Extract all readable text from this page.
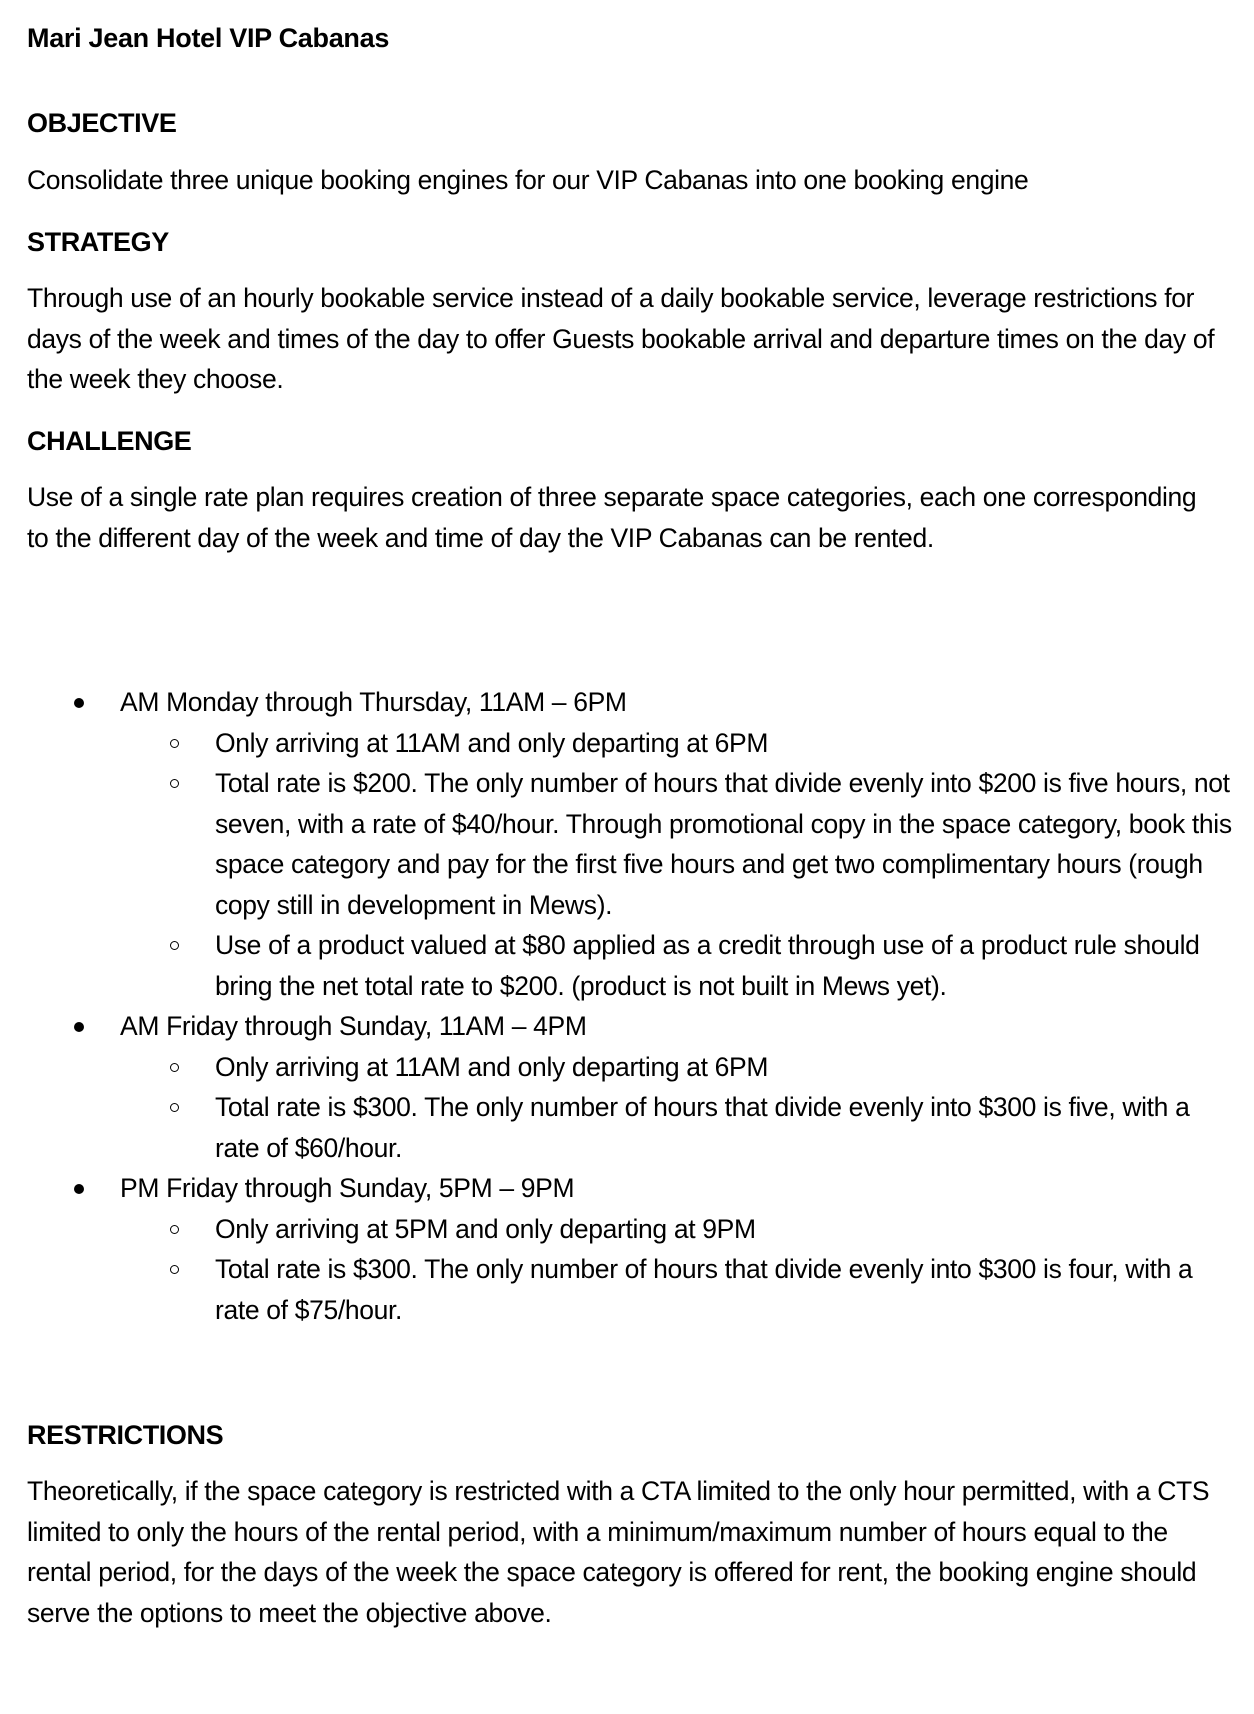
Mari Jean Hotel VIP Cabanas
OBJECTIVE

Consolidate three unique booking engines for our VIP Cabanas into one booking engine

STRATEGY

Through use of an hourly bookable service instead of a daily bookable service, leverage restrictions for days of the week and times of the day to offer Guests bookable arrival and departure times on the day of the week they choose.

CHALLENGE

Use of a single rate plan requires creation of three separate space categories, each one corresponding to the different day of the week and time of day the VIP Cabanas can be rented.

AM Monday through Thursday, 11AM – 6PM
Only arriving at 11AM and only departing at 6PM
Total rate is $200. The only number of hours that divide evenly into $200 is five hours, not seven, with a rate of $40/hour. Through promotional copy in the space category, book this space category and pay for the first five hours and get two complimentary hours (rough copy still in development in Mews).
Use of a product valued at $80 applied as a credit through use of a product rule should bring the net total rate to $200. (product is not built in Mews yet).
AM Friday through Sunday, 11AM – 4PM
Only arriving at 11AM and only departing at 6PM
Total rate is $300. The only number of hours that divide evenly into $300 is five, with a rate of $60/hour.
PM Friday through Sunday, 5PM – 9PM
Only arriving at 5PM and only departing at 9PM
Total rate is $300. The only number of hours that divide evenly into $300 is four, with a rate of $75/hour.
RESTRICTIONS

Theoretically, if the space category is restricted with a CTA limited to the only hour permitted, with a CTS limited to only the hours of the rental period, with a minimum/maximum number of hours equal to the rental period, for the days of the week the space category is offered for rent, the booking engine should serve the options to meet the objective above.
